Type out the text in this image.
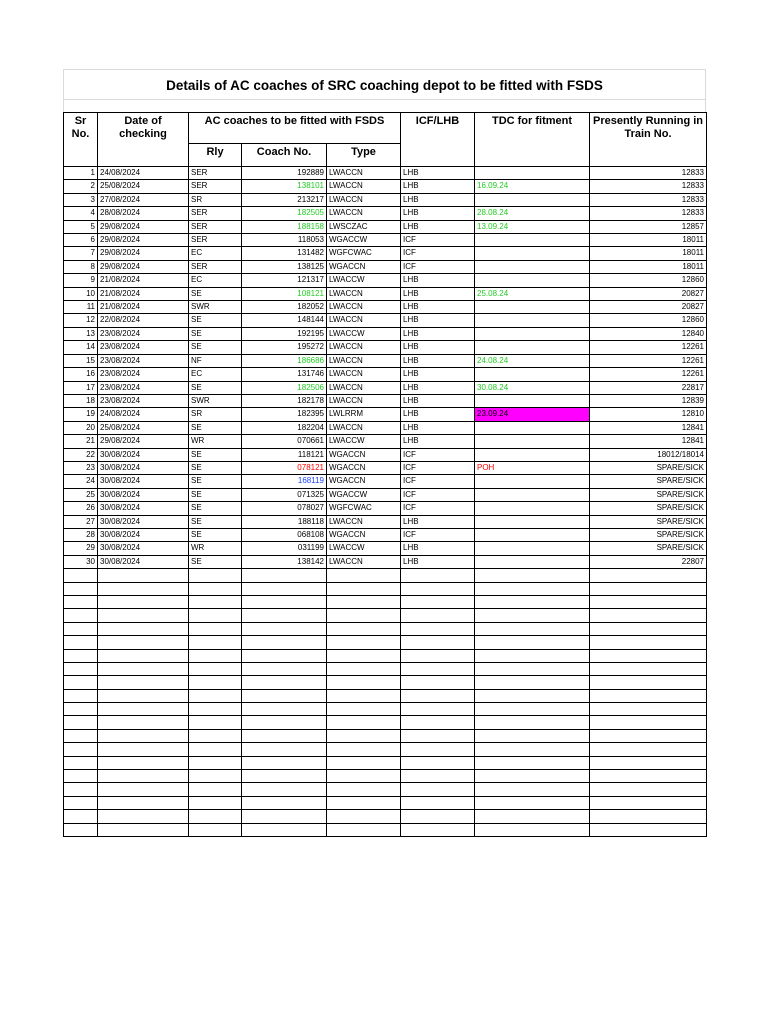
Details of AC coaches of SRC coaching depot to be fitted with FSDS
Sr No.	Date of checking	AC coaches to be fitted with FSDS			ICF/LHB	TDC for fitment	Presently Running in Train No.
		Rly	Coach No.	Type			
1	24/08/2024	SER	192889	LWACCN	LHB		12833
2	25/08/2024	SER	138101	LWACCN	LHB	16.09.24	12833
3	27/08/2024	SR	213217	LWACCN	LHB		12833
4	28/08/2024	SER	182505	LWACCN	LHB	28.08.24	12833
5	29/08/2024	SER	188158	LWSCZAC	LHB	13.09.24	12857
6	29/08/2024	SER	118053	WGACCW	ICF		18011
7	29/08/2024	EC	131482	WGFCWAC	ICF		18011
8	29/08/2024	SER	138125	WGACCN	ICF		18011
9	21/08/2024	EC	121317	LWACCW	LHB		12860
10	21/08/2024	SE	108121	LWACCN	LHB	25.08.24	20827
11	21/08/2024	SWR	182052	LWACCN	LHB		20827
12	22/08/2024	SE	148144	LWACCN	LHB		12860
13	23/08/2024	SE	192195	LWACCW	LHB		12840
14	23/08/2024	SE	195272	LWACCN	LHB		12261
15	23/08/2024	NF	186686	LWACCN	LHB	24.08.24	12261
16	23/08/2024	EC	131746	LWACCN	LHB		12261
17	23/08/2024	SE	182506	LWACCN	LHB	30.08.24	22817
18	23/08/2024	SWR	182178	LWACCN	LHB		12839
19	24/08/2024	SR	182395	LWLRRM	LHB	23.09.24	12810
20	25/08/2024	SE	182204	LWACCN	LHB		12841
21	29/08/2024	WR	070661	LWACCW	LHB		12841
22	30/08/2024	SE	118121	WGACCN	ICF		18012/18014
23	30/08/2024	SE	078121	WGACCN	ICF	POH	SPARE/SICK
24	30/08/2024	SE	168119	WGACCN	ICF		SPARE/SICK
25	30/08/2024	SE	071325	WGACCW	ICF		SPARE/SICK
26	30/08/2024	SE	078027	WGFCWAC	ICF		SPARE/SICK
27	30/08/2024	SE	188118	LWACCN	LHB		SPARE/SICK
28	30/08/2024	SE	068108	WGACCN	ICF		SPARE/SICK
29	30/08/2024	WR	031199	LWACCW	LHB		SPARE/SICK
30	30/08/2024	SE	138142	LWACCN	LHB		22807
